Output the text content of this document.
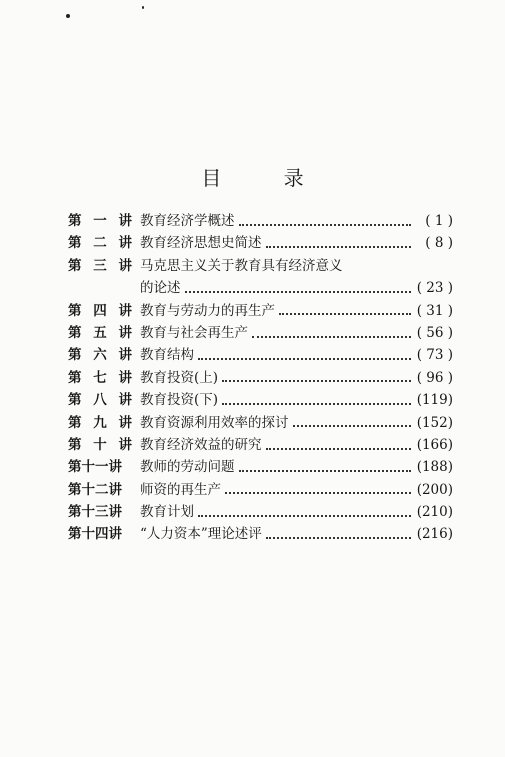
目 录
第 一 讲 教育经济学概述	( 1 )
第 二 讲 教育经济思想史简述	( 8 )
第 三 讲 马克思主义关于教育具有经济意义
的论述	( 23 )
第 四 讲 教育与劳动力的再生产	( 31 )
第 五 讲 教育与社会再生产	( 56 )
第 六 讲 教育结构	( 73 )
第 七 讲 教育投资(上)	( 96 )
第 八 讲 教育投资(下)	(119)
第 九 讲 教育资源利用效率的探讨	(152)
第 十 讲 教育经济效益的研究	(166)
第十一讲 教师的劳动问题	(188)
第十二讲 师资的再生产	(200)
第十三讲 教育计划	(210)
第十四讲 “人力资本”理论述评	(216)
